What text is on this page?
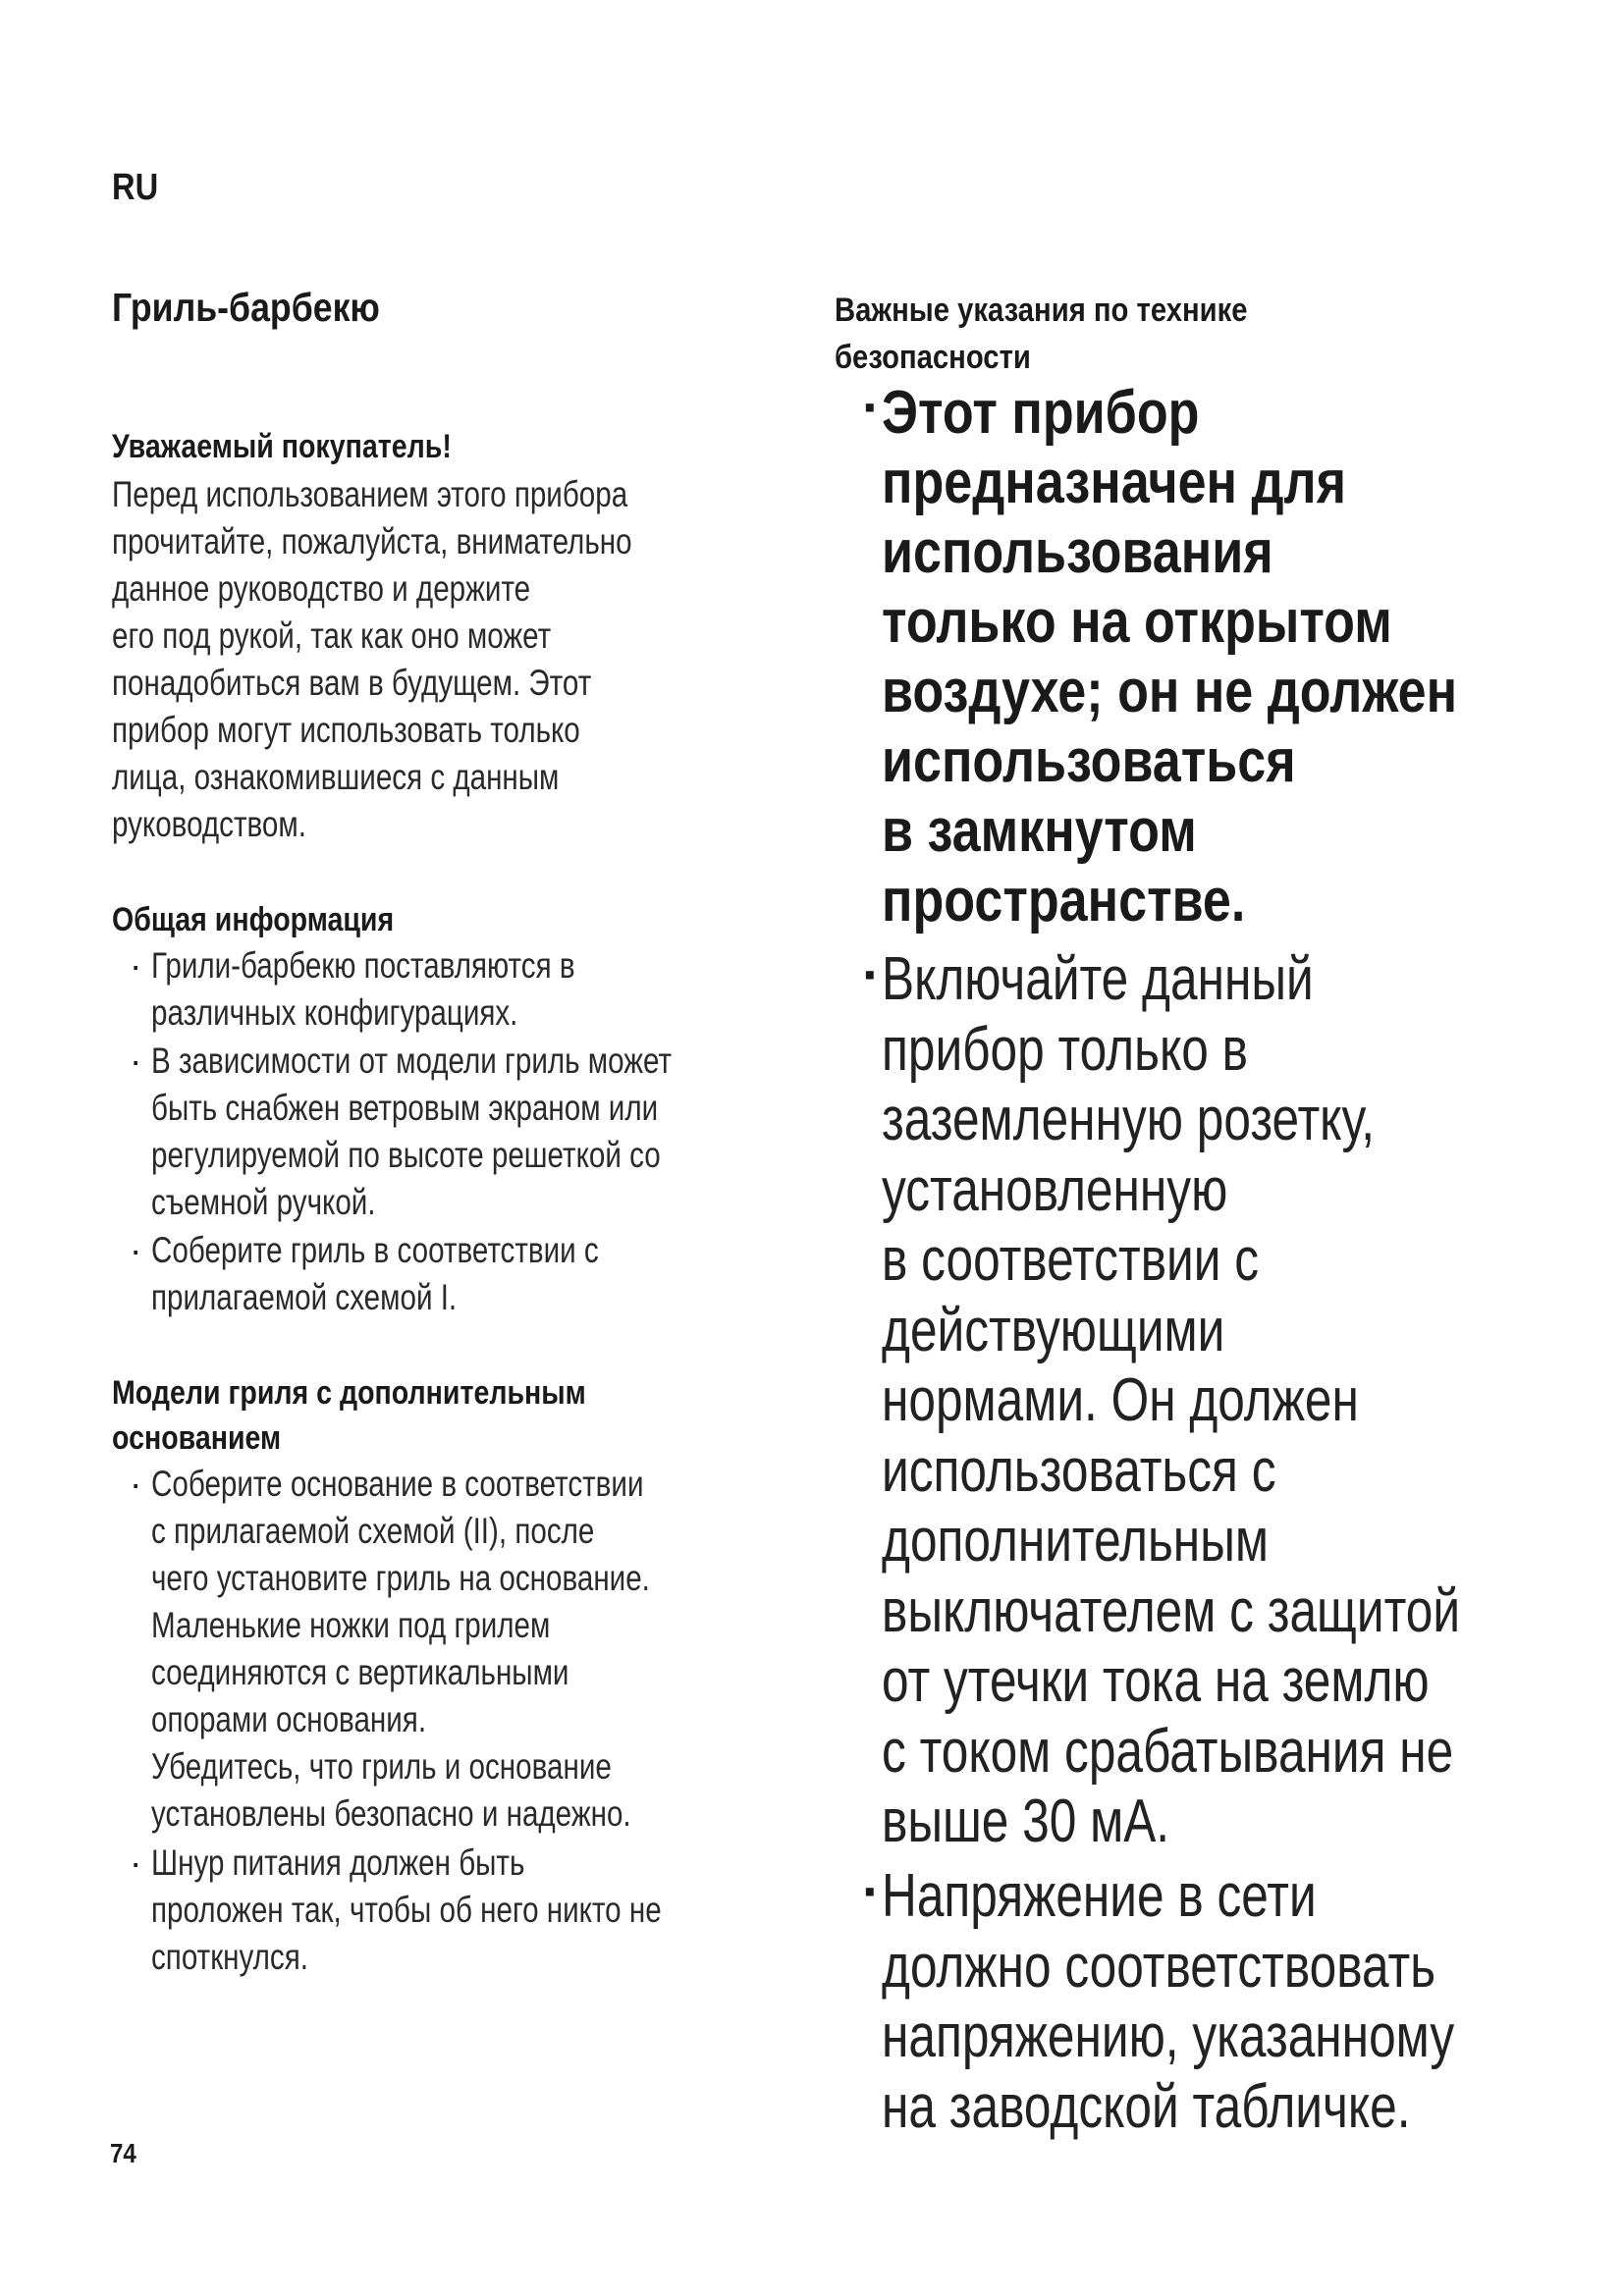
RU
Гриль-барбекю
Уважаемый покупатель!
Перед использованием этого прибора
прочитайте, пожалуйста, внимательно
данное руководство и держите
его под рукой, так как оно может
понадобиться вам в будущем. Этот
прибор могут использовать только
лица, ознакомившиеся с данным
руководством.
Общая информация
· Грили-барбекю поставляются в
различных конфигурациях.
· В зависимости от модели гриль может
быть снабжен ветровым экраном или
регулируемой по высоте решеткой со
съемной ручкой.
· Соберите гриль в соответствии с
прилагаемой схемой I.
Модели гриля с дополнительным
основанием
· Соберите основание в соответствии
с прилагаемой схемой (II), после
чего установите гриль на основание.
Маленькие ножки под грилем
соединяются с вертикальными
опорами основания.
Убедитесь, что гриль и основание
установлены безопасно и надежно.
· Шнур питания должен быть
проложен так, чтобы об него никто не
споткнулся.
Важные указания по технике
безопасности
· Этот прибор
предназначен для
использования
только на открытом
воздухе; он не должен
использоваться
в замкнутом
пространстве.
· Включайте данный
прибор только в
заземленную розетку,
установленную
в соответствии с
действующими
нормами. Он должен
использоваться с
дополнительным
выключателем с защитой
от утечки тока на землю
с током срабатывания не
выше 30 мА.
· Напряжение в сети
должно соответствовать
напряжению, указанному
на заводской табличке.
74
